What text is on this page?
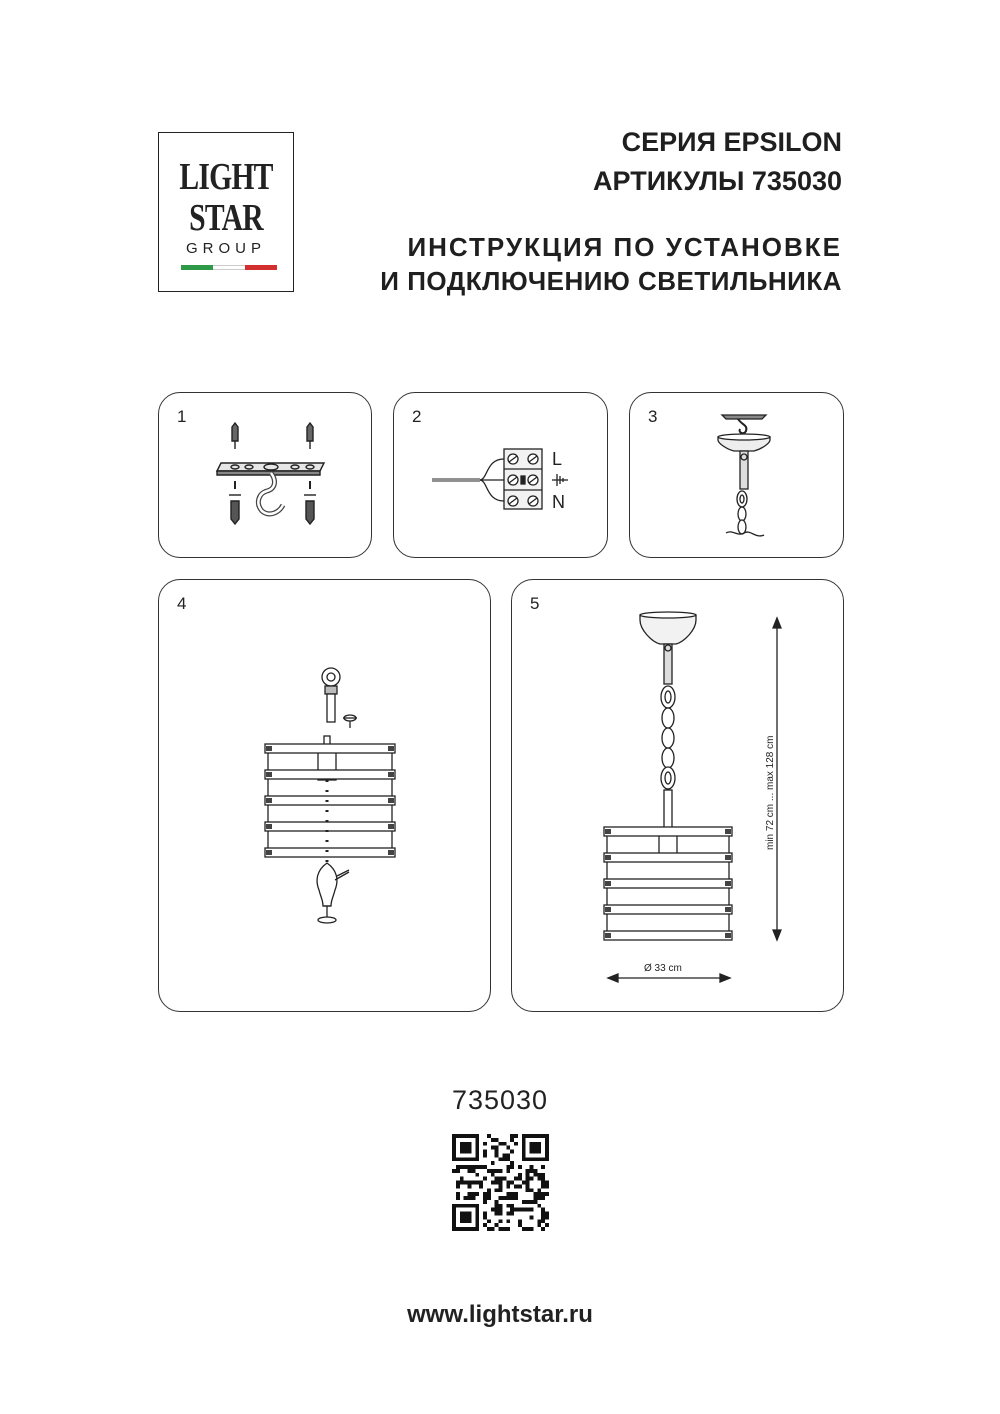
LIGHT
STAR
GROUP
СЕРИЯ EPSILON
АРТИКУЛЫ 735030
ИНСТРУКЦИЯ ПО УСТАНОВКЕ
И ПОДКЛЮЧЕНИЮ СВЕТИЛЬНИКА
1	2
L
N
3
4	5
min 72 cm ... max 128 cm
Ø 33 cm
735030
www.lightstar.ru
